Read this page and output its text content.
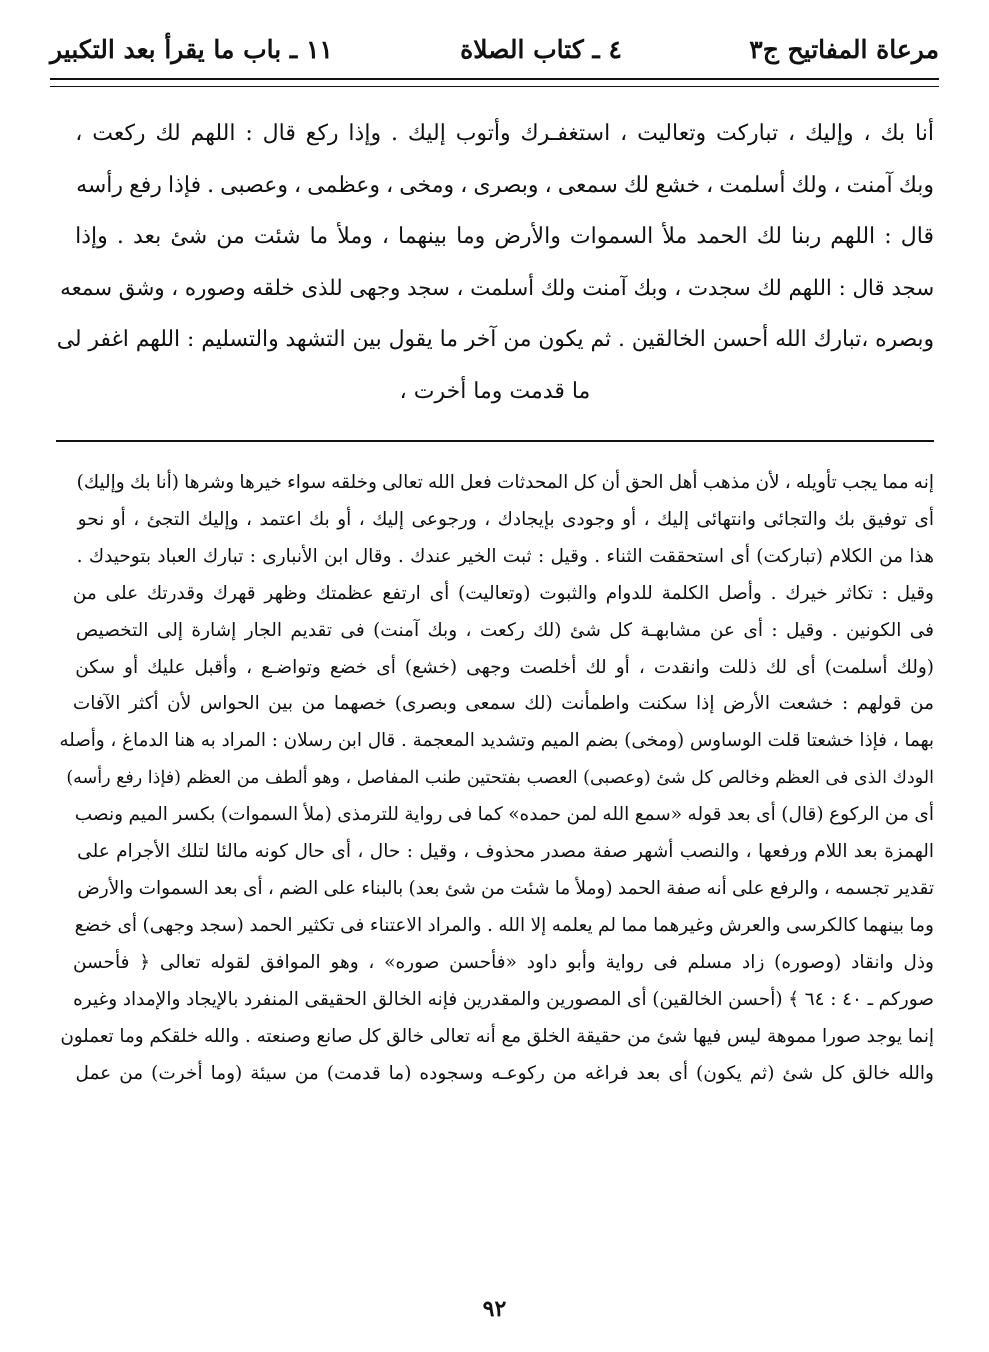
مرعاة المفاتيح ج٣
٤ ـ كتاب الصلاة
١١ ـ باب ما يقرأ بعد التكبير
أنا بك ، وإليك ، تباركت وتعاليت ، استغفـرك وأتوب إليك . وإذا ركع قال : اللهم لك ركعت ،
وبك آمنت ، ولك أسلمت ، خشع لك سمعى ، وبصرى ، ومخى ، وعظمى ، وعصبى . فإذا رفع رأسه
قال : اللهم ربنا لك الحمد ملأ السموات والأرض وما بينهما ، وملأ ما شئت من شئ بعد . وإذا
سجد قال : اللهم لك سجدت ، وبك آمنت ولك أسلمت ، سجد وجهى للذى خلقه وصوره ، وشق سمعه
وبصره ،تبارك الله أحسن الخالقين . ثم يكون من آخر ما يقول بين التشهد والتسليم : اللهم اغفر لى
ما قدمت وما أخرت ،
إنه مما يجب تأويله ، لأن مذهب أهل الحق أن كل المحدثات فعل الله تعالى وخلقه سواء خيرها وشرها (أنا بك وإليك)
أى توفيق بك والتجائى وانتهائى إليك ، أو وجودى بإيجادك ، ورجوعى إليك ، أو بك اعتمد ، وإليك التجئ ، أو نحو
هذا من الكلام (تباركت) أى استحققت الثناء . وقيل : ثبت الخير عندك . وقال ابن الأنبارى : تبارك العباد بتوحيدك .
وقيل : تكاثر خيرك . وأصل الكلمة للدوام والثبوت (وتعاليت) أى ارتفع عظمتك وظهر قهرك وقدرتك على من
فى الكونين . وقيل : أى عن مشابهـة كل شئ (لك ركعت ، وبك آمنت) فى تقديم الجار إشارة إلى التخصيص
(ولك أسلمت) أى لك ذللت وانقدت ، أو لك أخلصت وجهى (خشع) أى خضع وتواضـع ، وأقبل عليك أو سكن
من قولهم : خشعت الأرض إذا سكنت واطمأنت (لك سمعى وبصرى) خصهما من بين الحواس لأن أكثر الآفات
بهما ، فإذا خشعتا قلت الوساوس (ومخى) بضم الميم وتشديد المعجمة . قال ابن رسلان : المراد به هنا الدماغ ، وأصله
الودك الذى فى العظم وخالص كل شئ (وعصبى) العصب بفتحتين طنب المفاصل ، وهو ألطف من العظم (فإذا رفع رأسه)
أى من الركوع (قال) أى بعد قوله «سمع الله لمن حمده» كما فى رواية للترمذى (ملأ السموات) بكسر الميم ونصب
الهمزة بعد اللام ورفعها ، والنصب أشهر صفة مصدر محذوف ، وقيل : حال ، أى حال كونه مالئا لتلك الأجرام على
تقدير تجسمه ، والرفع على أنه صفة الحمد (وملأ ما شئت من شئ بعد) بالبناء على الضم ، أى بعد السموات والأرض
وما بينهما كالكرسى والعرش وغيرهما مما لم يعلمه إلا الله . والمراد الاعتناء فى تكثير الحمد (سجد وجهى) أى خضع
وذل وانقاد (وصوره) زاد مسلم فى رواية وأبو داود «فأحسن صوره» ، وهو الموافق لقوله تعالى ﴿ فأحسن
صوركم ـ ٤٠ : ٦٤ ﴾ (أحسن الخالقين) أى المصورين والمقدرين فإنه الخالق الحقيقى المنفرد بالإيجاد والإمداد وغيره
إنما يوجد صورا مموهة ليس فيها شئ من حقيقة الخلق مع أنه تعالى خالق كل صانع وصنعته . والله خلقكم وما تعملون
والله خالق كل شئ (ثم يكون) أى بعد فراغه من ركوعـه وسجوده (ما قدمت) من سيئة (وما أخرت) من عمل
٩٢
